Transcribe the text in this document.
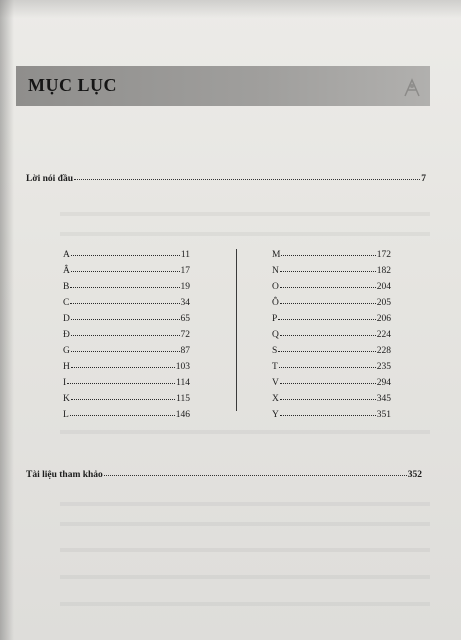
MỤC LỤC
Lời nói đầu	7
A	11
Â	17
B	19
C	34
D	65
Đ	72
G	87
H	103
I	114
K	115
L	146
M	172
N	182
O	204
Ô	205
P	206
Q	224
S	228
T	235
V	294
X	345
Y	351
Tài liệu tham khảo	352
